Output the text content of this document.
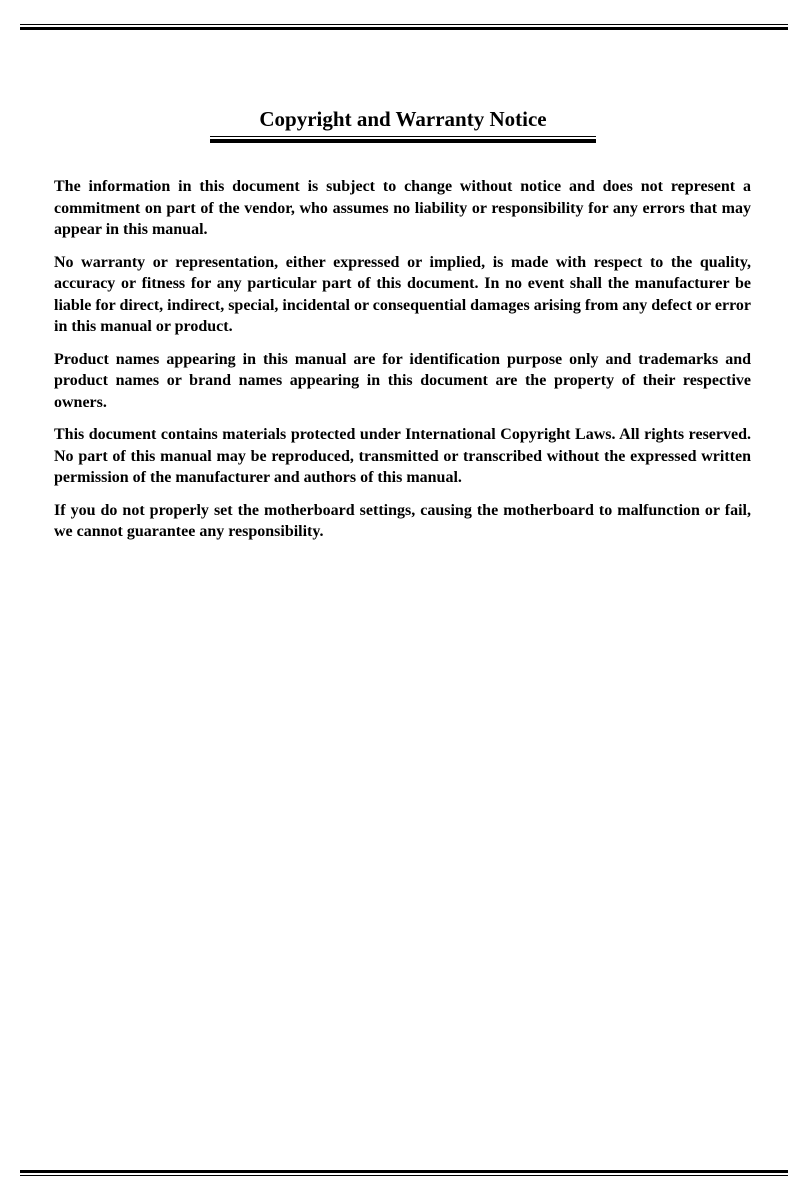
Copyright and Warranty Notice

The information in this document is subject to change without notice and does not represent a commitment on part of the vendor, who assumes no liability or responsibility for any errors that may appear in this manual.

No warranty or representation, either expressed or implied, is made with respect to the quality, accuracy or fitness for any particular part of this document. In no event shall the manufacturer be liable for direct, indirect, special, incidental or consequential damages arising from any defect or error in this manual or product.

Product names appearing in this manual are for identification purpose only and trademarks and product names or brand names appearing in this document are the property of their respective owners.

This document contains materials protected under International Copyright Laws. All rights reserved. No part of this manual may be reproduced, transmitted or transcribed without the expressed written permission of the manufacturer and authors of this manual.

If you do not properly set the motherboard settings, causing the motherboard to malfunction or fail, we cannot guarantee any responsibility.
